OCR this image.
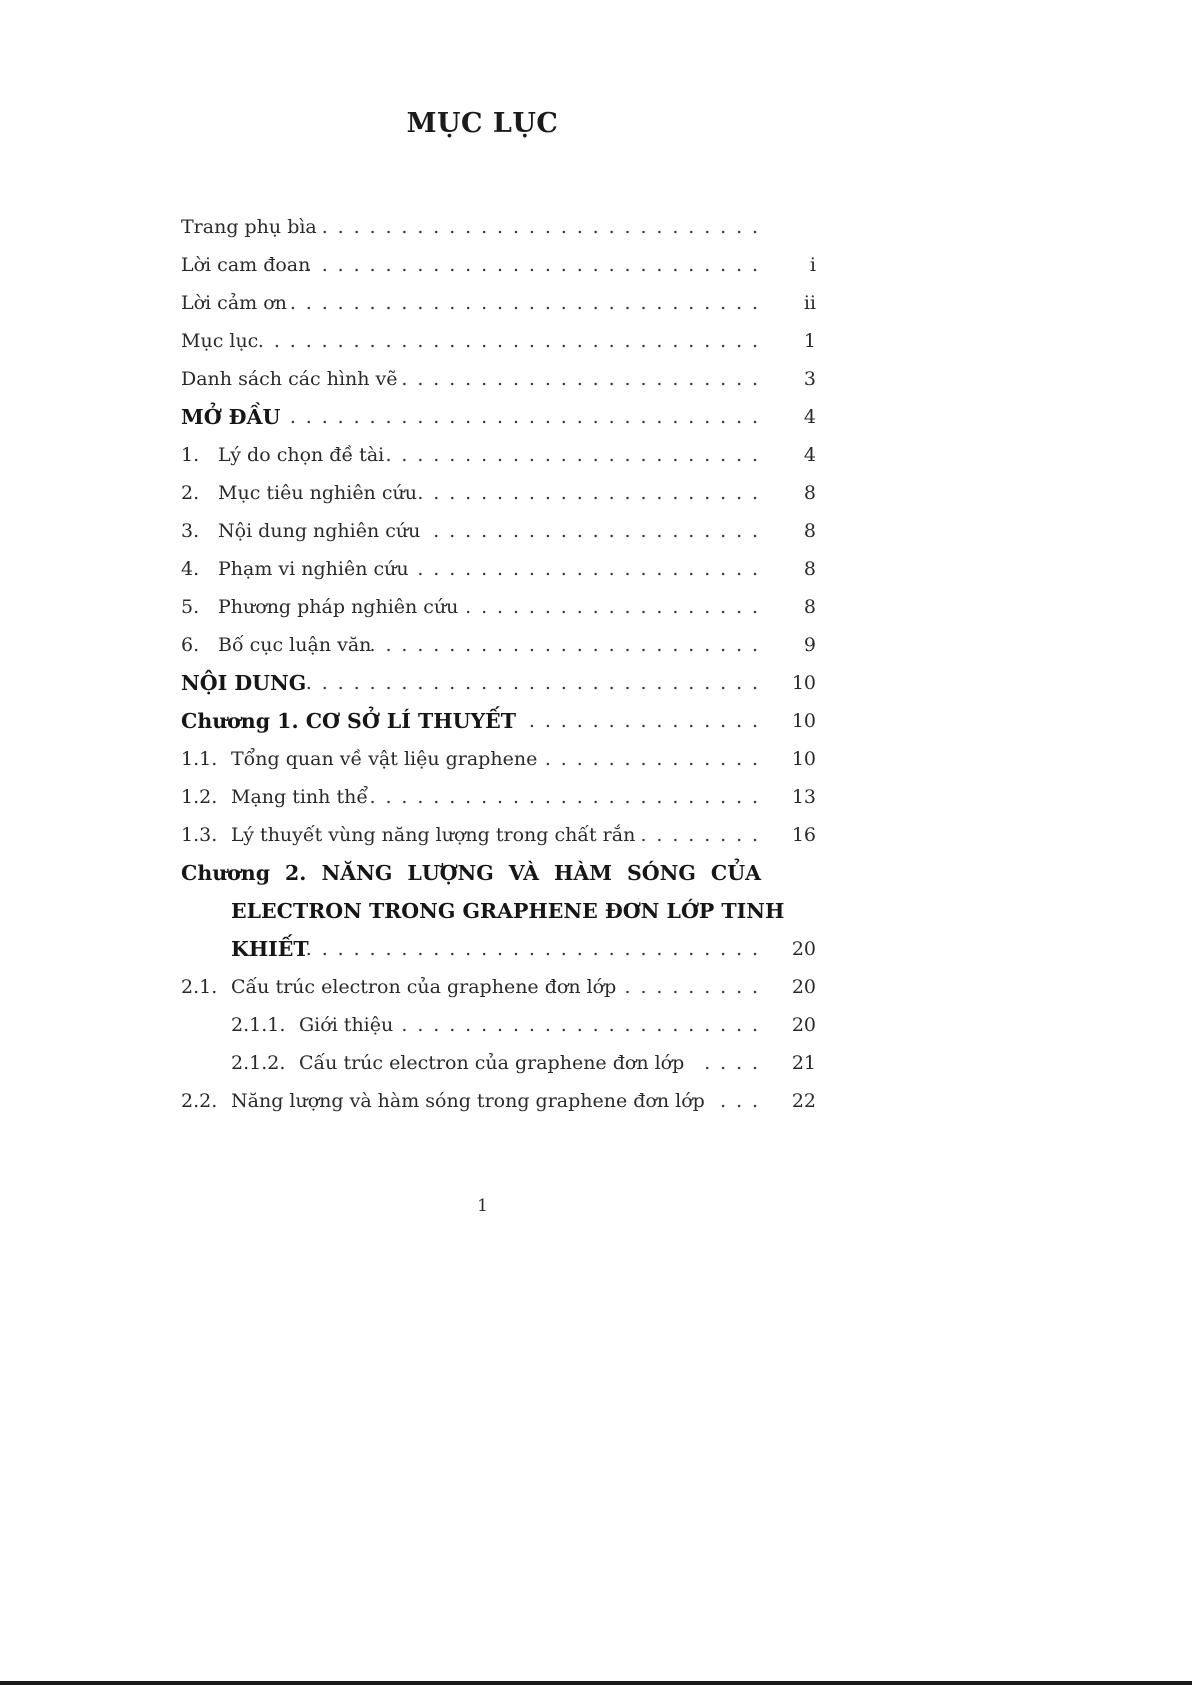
MỤC LỤC
Trang phụ bìa ............................
Lời cam đoan
............................. i
Lời cảm ơn .............................. ii
Mục lục ................................ 1
Danh sách các hình vẽ ....................... 3
MỞ ĐẦU .............................. 4
1. Lý do chọn đề tài ........................ 4
2. Mục tiêu nghiên cứu ...................... 8
3. Nội dung nghiên cứu ..................... 8
4. Phạm vi nghiên cứu ...................... 8
5. Phương pháp nghiên cứu ................... 8
6. Bố cục luận văn
......................... 9
NỘI DUNG ............................. 10
Chương 1. CƠ SỞ LÍ THUYẾT ............... 10
1.1. Tổng quan về vật liệu graphene .............. 10
1.2. Mạng tinh thể ......................... 13
1.3. Lý thuyết vùng năng lượng trong chất rắn ........ 16
Chương 2. NĂNG LƯỢNG VÀ HÀM SÓNG CỦA
ELECTRON TRONG GRAPHENE ĐƠN LỚP TINH
KHIẾT
............................. 20
2.1. Cấu trúc electron của graphene đơn lớp ......... 20
2.1.1. Giới thiệu ....................... 20
2.1.2. Cấu trúc electron của graphene đơn lớp .... 21
2.2. Năng lượng và hàm sóng trong graphene đơn lớp ... 22
1
